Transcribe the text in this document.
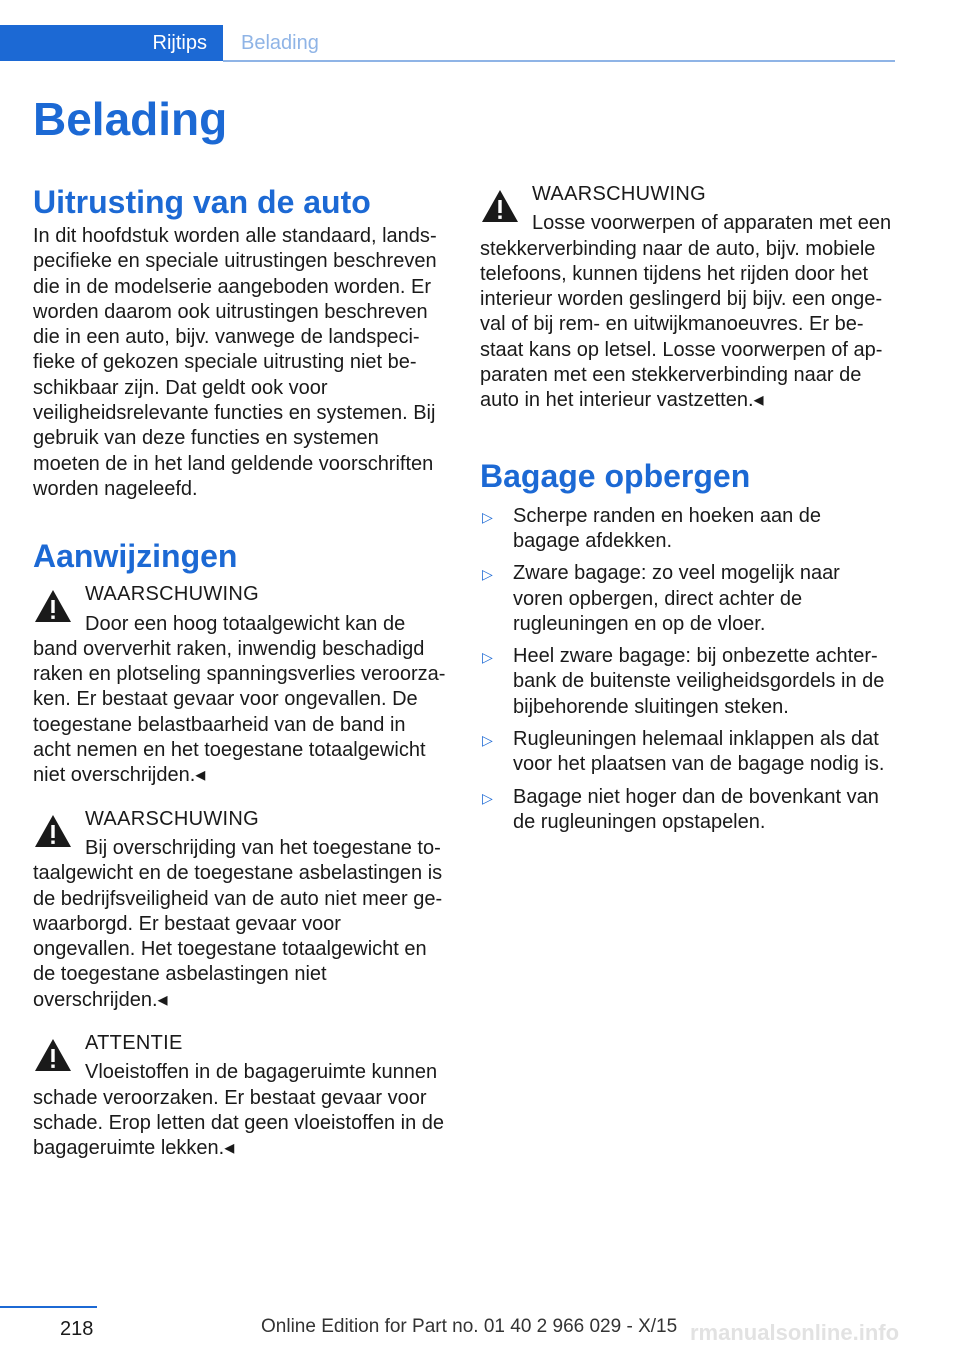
Rijtips	Belading
Belading
Uitrusting van de auto

In dit hoofdstuk worden alle standaard, landspecifieke en speciale uitrustingen beschreven die in de modelserie aangeboden worden. Er worden daarom ook uitrustingen beschreven die in een auto, bijv. vanwege de landspecifieke of gekozen speciale uitrusting niet beschikbaar zijn. Dat geldt ook voor veiligheidsrelevante functies en systemen. Bij gebruik van deze functies en systemen moeten de in het land geldende voorschriften worden nageleefd.

Aanwijzingen
WAARSCHUWING

Door een hoog totaalgewicht kan de band oververhit raken, inwendig beschadigd raken en plotseling spanningsverlies veroorzaken. Er bestaat gevaar voor ongevallen. De toegestane belastbaarheid van de band in acht nemen en het toegestane totaalgewicht niet overschrijden.◂

WAARSCHUWING

Bij overschrijding van het toegestane totaalgewicht en de toegestane asbelastingen is de bedrijfsveiligheid van de auto niet meer gewaarborgd. Er bestaat gevaar voor ongevallen. Het toegestane totaalgewicht en de toegestane asbelastingen niet overschrijden.◂

ATTENTIE

Vloeistoffen in de bagageruimte kunnen schade veroorzaken. Er bestaat gevaar voor schade. Erop letten dat geen vloeistoffen in de bagageruimte lekken.◂

WAARSCHUWING

Losse voorwerpen of apparaten met een stekkerverbinding naar de auto, bijv. mobiele telefoons, kunnen tijdens het rijden door het interieur worden geslingerd bij bijv. een ongeval of bij rem- en uitwijkmanoeuvres. Er bestaat kans op letsel. Losse voorwerpen of apparaten met een stekkerverbinding naar de auto in het interieur vastzetten.◂

Bagage opbergen
▷ Scherpe randen en hoeken aan de bagage afdekken.
▷ Zware bagage: zo veel mogelijk naar voren opbergen, direct achter de rugleuningen en op de vloer.
▷ Heel zware bagage: bij onbezette achterbank de buitenste veiligheidsgordels in de bijbehorende sluitingen steken.
▷ Rugleuningen helemaal inklappen als dat voor het plaatsen van de bagage nodig is.
▷ Bagage niet hoger dan de bovenkant van de rugleuningen opstapelen.
218	Online Edition for Part no. 01 40 2 966 029 - X/15 rmanualsonline.info
